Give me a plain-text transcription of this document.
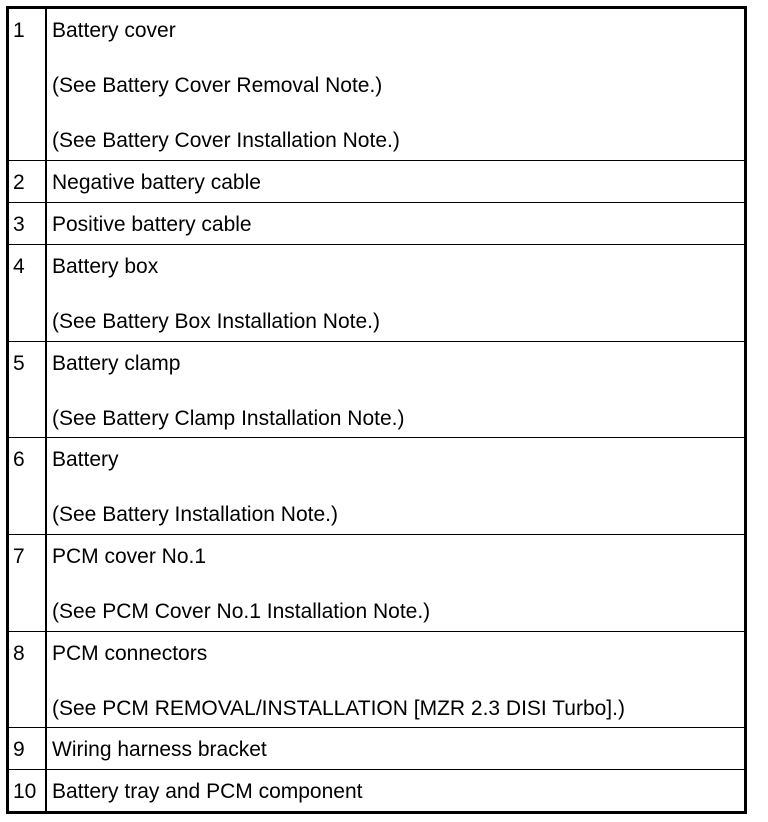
1	Battery cover
(See Battery Cover Removal Note.)
(See Battery Cover Installation Note.)
2	Negative battery cable
3	Positive battery cable
4	Battery box
(See Battery Box Installation Note.)
5	Battery clamp
(See Battery Clamp Installation Note.)
6	Battery
(See Battery Installation Note.)
7	PCM cover No.1
(See PCM Cover No.1 Installation Note.)
8	PCM connectors
(See PCM REMOVAL/INSTALLATION [MZR 2.3 DISI Turbo].)
9	Wiring harness bracket
10 Battery tray and PCM component
